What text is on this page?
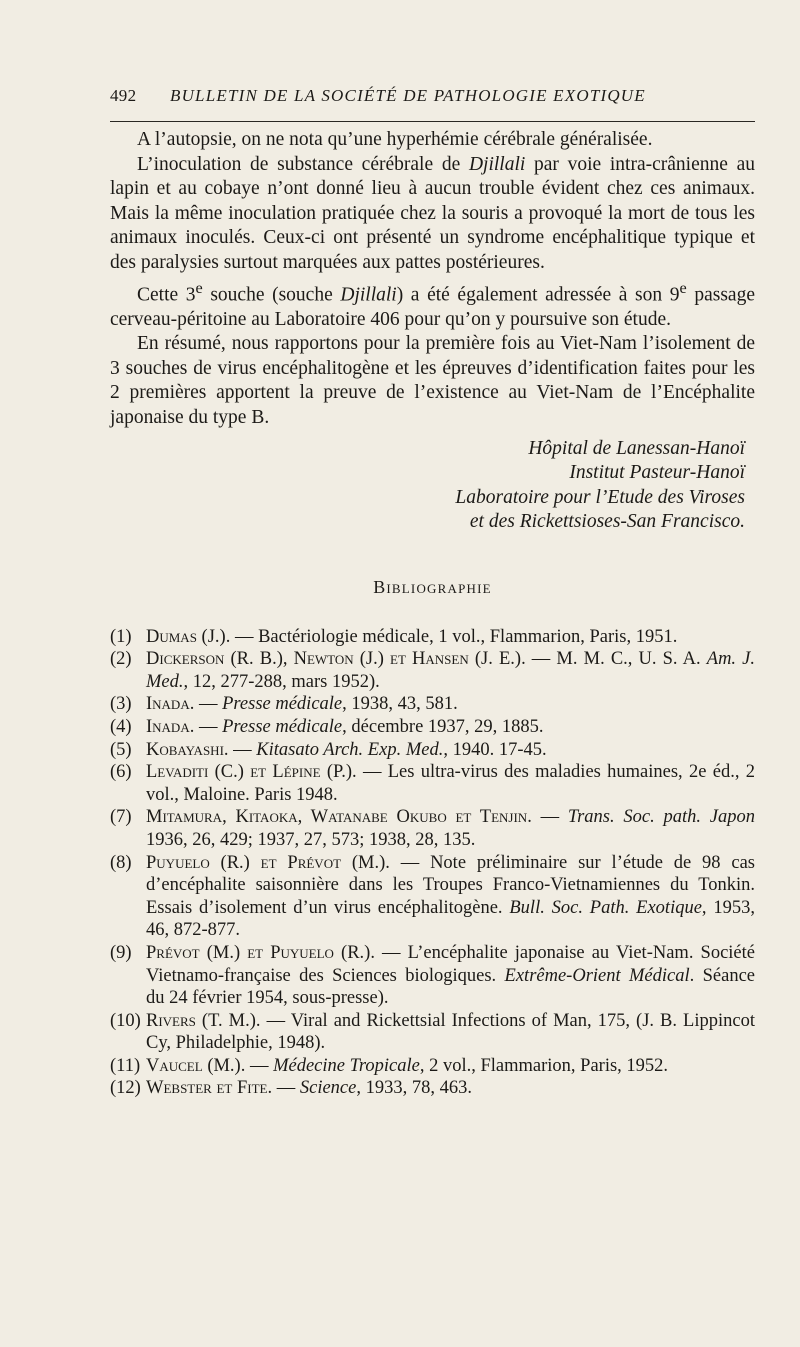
492	BULLETIN DE LA SOCIÉTÉ DE PATHOLOGIE EXOTIQUE

A l’autopsie, on ne nota qu’une hyperhémie cérébrale généralisée.

L’inoculation de substance cérébrale de Djillali par voie intra-crânienne au lapin et au cobaye n’ont donné lieu à aucun trouble évident chez ces animaux. Mais la même inoculation pratiquée chez la souris a provoqué la mort de tous les animaux inoculés. Ceux-ci ont présenté un syndrome encéphalitique typique et des paralysies surtout marquées aux pattes postérieures.

Cette 3e souche (souche Djillali) a été également adressée à son 9e passage cerveau-péritoine au Laboratoire 406 pour qu’on y poursuive son étude.

En résumé, nous rapportons pour la première fois au Viet-Nam l’isolement de 3 souches de virus encéphalitogène et les épreuves d’identification faites pour les 2 premières apportent la preuve de l’existence au Viet-Nam de l’Encéphalite japonaise du type B.

Hôpital de Lanessan-Hanoï
Institut Pasteur-Hanoï
Laboratoire pour l’Etude des Viroses
et des Rickettsioses-San Francisco.
Bibliographie
(1) Dumas (J.). — Bactériologie médicale, 1 vol., Flammarion, Paris, 1951.
(2) Dickerson (R. B.), Newton (J.) et Hansen (J. E.). — M. M. C., U. S. A. Am. J. Med., 12, 277-288, mars 1952).
(3) Inada. — Presse médicale, 1938, 43, 581.
(4) Inada. — Presse médicale, décembre 1937, 29, 1885.
(5) Kobayashi. — Kitasato Arch. Exp. Med., 1940. 17-45.
(6) Levaditi (C.) et Lépine (P.). — Les ultra-virus des maladies humaines, 2e éd., 2 vol., Maloine. Paris 1948.
(7) Mitamura, Kitaoka, Watanabe Okubo et Tenjin. — Trans. Soc. path. Japon 1936, 26, 429; 1937, 27, 573; 1938, 28, 135.
(8) Puyuelo (R.) et Prévot (M.). — Note préliminaire sur l’étude de 98 cas d’encéphalite saisonnière dans les Troupes Franco-Vietnamiennes du Tonkin. Essais d’isolement d’un virus encéphalitogène. Bull. Soc. Path. Exotique, 1953, 46, 872-877.
(9) Prévot (M.) et Puyuelo (R.). — L’encéphalite japonaise au Viet-Nam. Société Vietnamo-française des Sciences biologiques. Extrême-Orient Médical. Séance du 24 février 1954, sous-presse).
(10) Rivers (T. M.). — Viral and Rickettsial Infections of Man, 175, (J. B. Lippincot Cy, Philadelphie, 1948).
(11) Vaucel (M.). — Médecine Tropicale, 2 vol., Flammarion, Paris, 1952.
(12) Webster et Fite. — Science, 1933, 78, 463.
